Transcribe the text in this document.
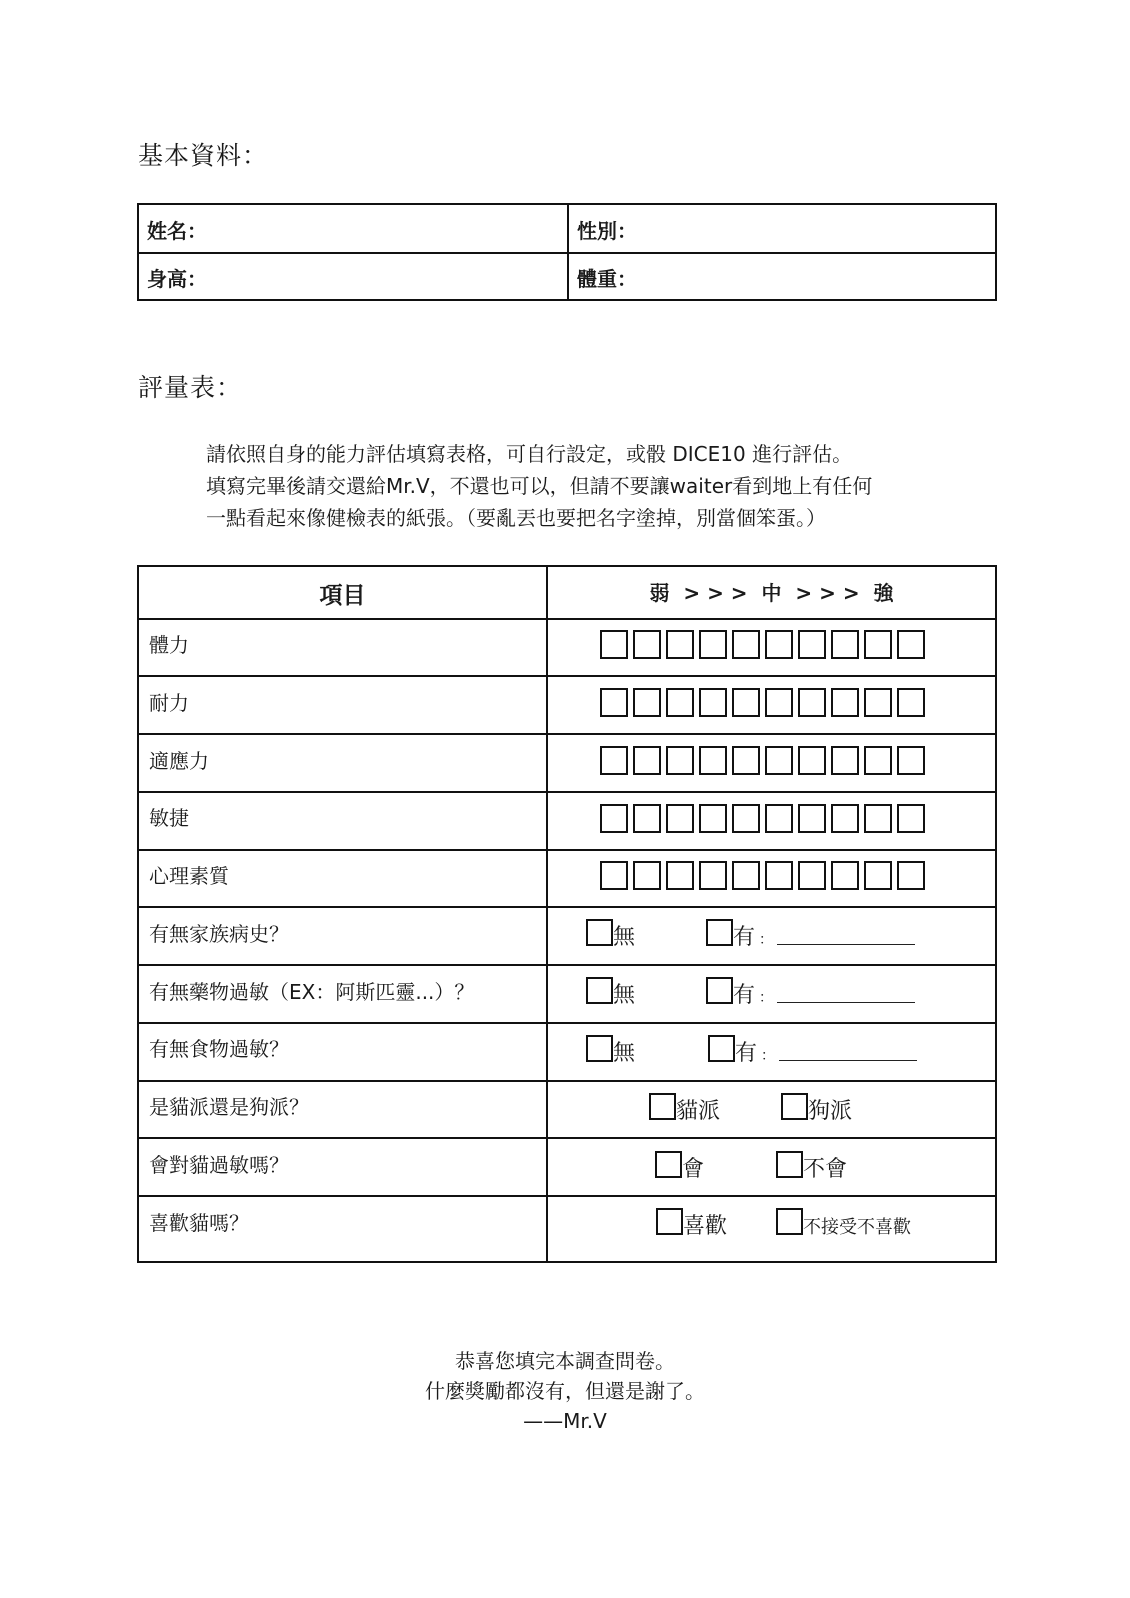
基本資料：
姓名：	性別：
身高：	體重：
評量表：
請依照自身的能力評估填寫表格，可自行設定，或骰 DICE10 進行評估。
填寫完畢後請交還給Mr.V，不還也可以，但請不要讓waiter看到地上有任何
一點看起來像健檢表的紙張。（要亂丟也要把名字塗掉，別當個笨蛋。）
項目	弱  > > >  中  > > >  強
體力
耐力
適應力
敏捷
心理素質
有無家族病史？	無	有 ：
有無藥物過敏（EX：阿斯匹靈...）？	無	有 ：
有無食物過敏？	無	有 ：
是貓派還是狗派？	貓派	狗派
會對貓過敏嗎？	會	不會
喜歡貓嗎？	喜歡	不接受不喜歡
恭喜您填完本調查問卷。
什麼獎勵都沒有，但還是謝了。
——Mr.V
